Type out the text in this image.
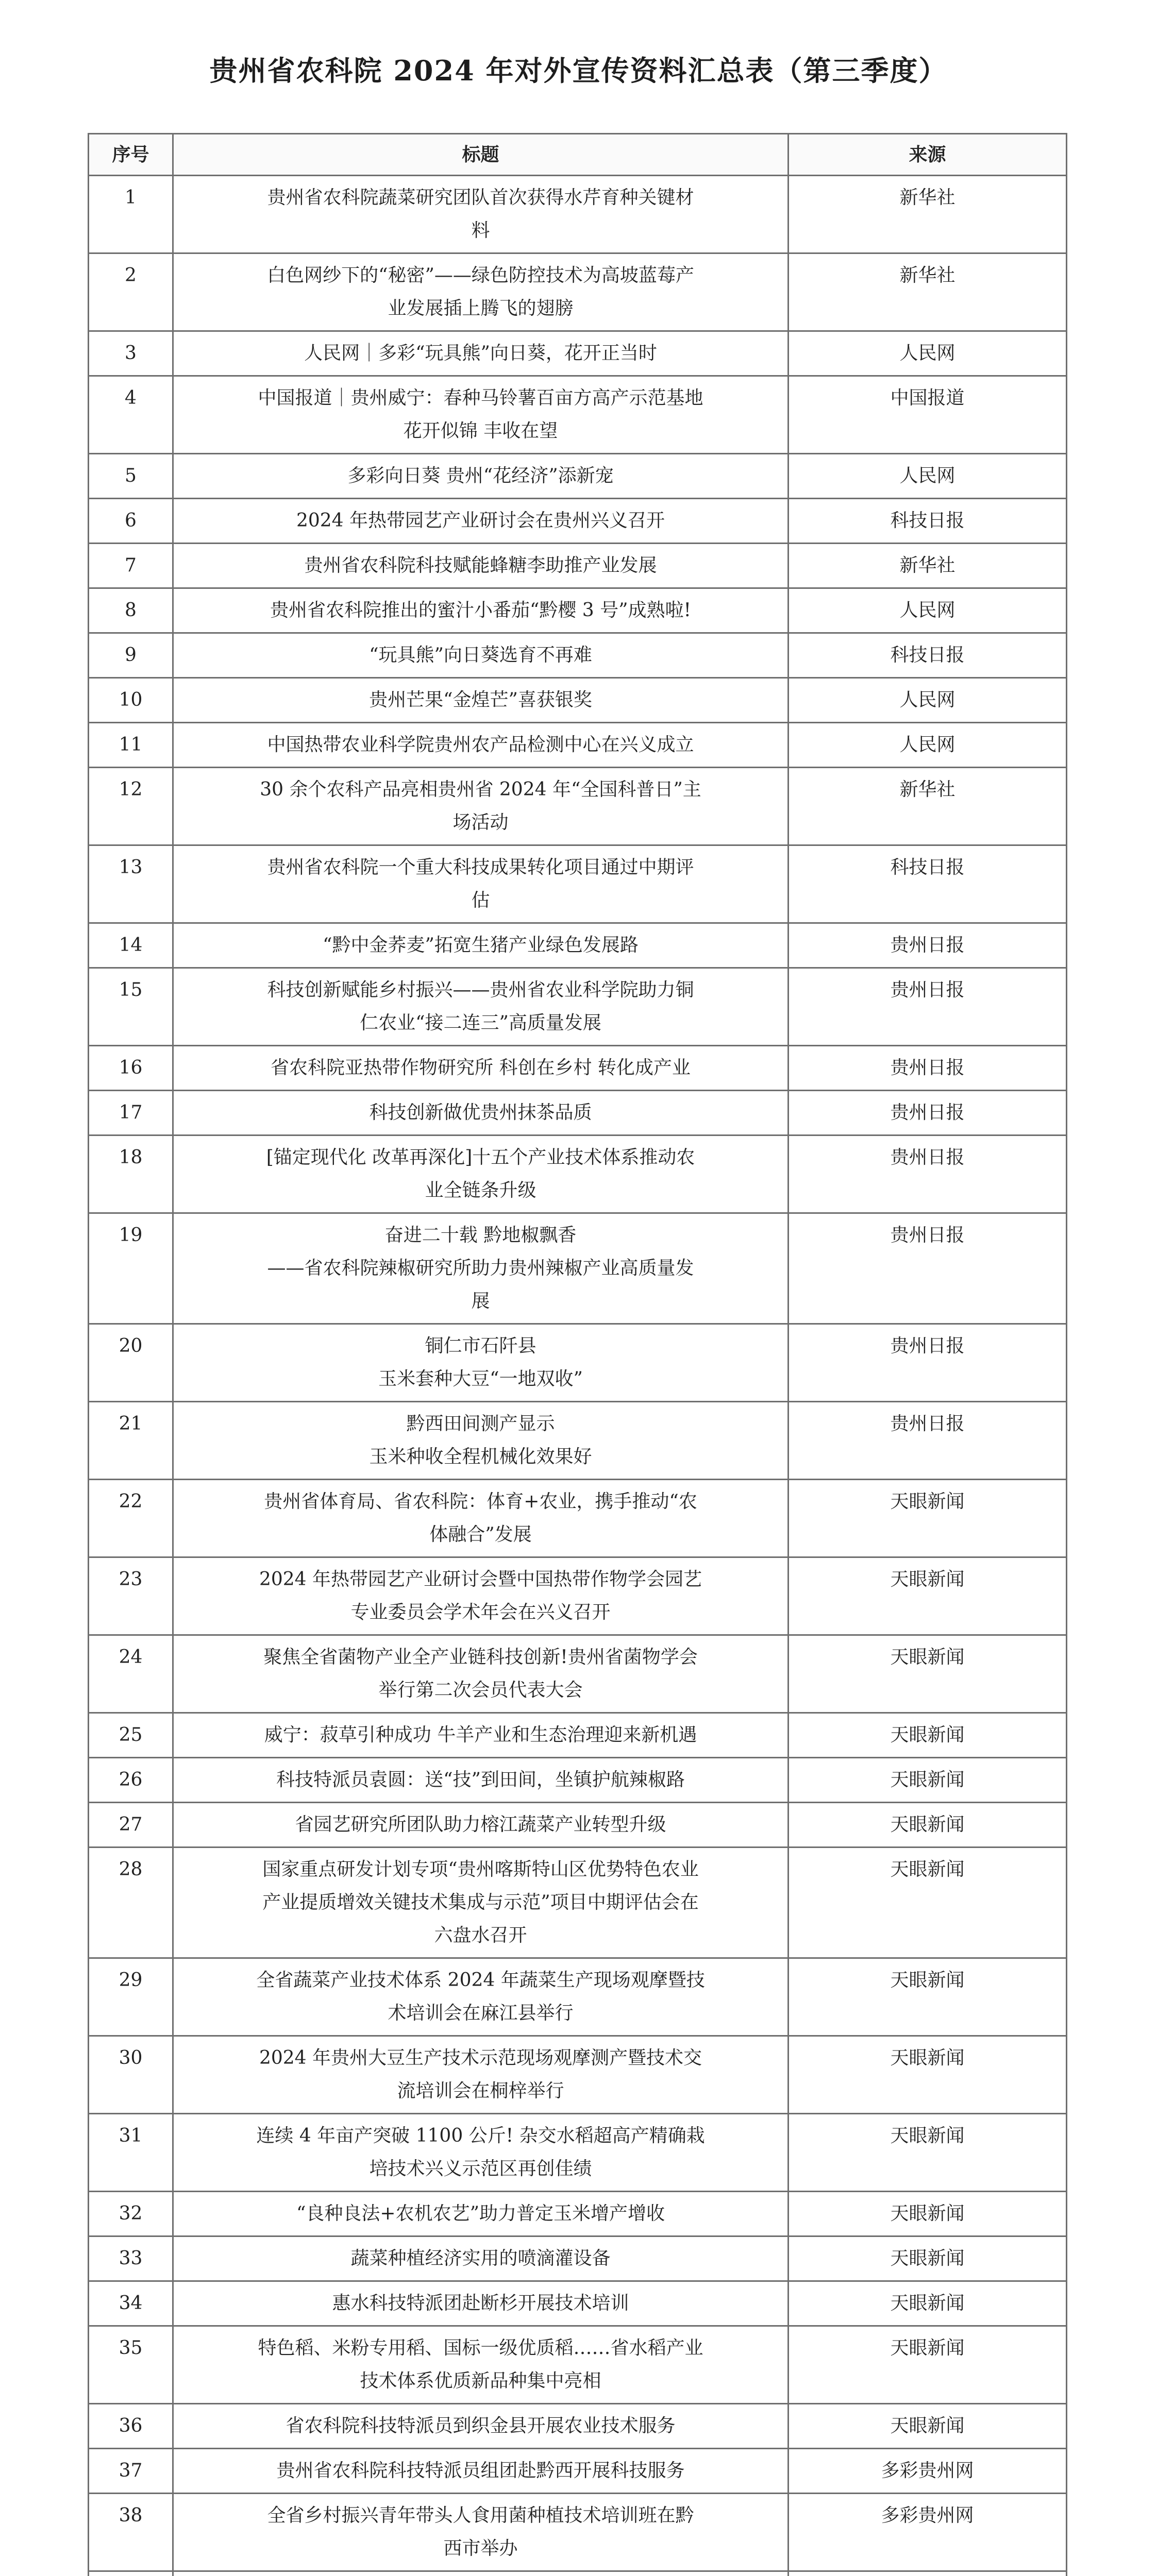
贵州省农科院 2024 年对外宣传资料汇总表（第三季度）
序号	标题	来源
1	贵州省农科院蔬菜研究团队首次获得水芹育种关键材
料	新华社
2	白色网纱下的“秘密”——绿色防控技术为高坡蓝莓产
业发展插上腾飞的翅膀	新华社
3	人民网｜多彩“玩具熊”向日葵，花开正当时	人民网
4	中国报道｜贵州威宁：春种马铃薯百亩方高产示范基地
花开似锦 丰收在望	中国报道
5	多彩向日葵 贵州“花经济”添新宠	人民网
6	2024 年热带园艺产业研讨会在贵州兴义召开	科技日报
7	贵州省农科院科技赋能蜂糖李助推产业发展	新华社
8	贵州省农科院推出的蜜汁小番茄“黔樱 3 号”成熟啦!	人民网
9	“玩具熊”向日葵选育不再难	科技日报
10	贵州芒果“金煌芒”喜获银奖	人民网
11	中国热带农业科学院贵州农产品检测中心在兴义成立	人民网
12	30 余个农科产品亮相贵州省 2024 年“全国科普日”主
场活动	新华社
13	贵州省农科院一个重大科技成果转化项目通过中期评
估	科技日报
14	“黔中金荞麦”拓宽生猪产业绿色发展路	贵州日报
15	科技创新赋能乡村振兴——贵州省农业科学院助力铜
仁农业“接二连三”高质量发展	贵州日报
16	省农科院亚热带作物研究所 科创在乡村 转化成产业	贵州日报
17	科技创新做优贵州抹茶品质	贵州日报
18	[锚定现代化 改革再深化]十五个产业技术体系推动农
业全链条升级	贵州日报
19	奋进二十载 黔地椒飘香
——省农科院辣椒研究所助力贵州辣椒产业高质量发
展	贵州日报
20	铜仁市石阡县
玉米套种大豆“一地双收”	贵州日报
21	黔西田间测产显示
玉米种收全程机械化效果好	贵州日报
22	贵州省体育局、省农科院：体育+农业，携手推动“农
体融合”发展	天眼新闻
23	2024 年热带园艺产业研讨会暨中国热带作物学会园艺
专业委员会学术年会在兴义召开	天眼新闻
24	聚焦全省菌物产业全产业链科技创新!贵州省菌物学会
举行第二次会员代表大会	天眼新闻
25	威宁：菽草引种成功 牛羊产业和生态治理迎来新机遇	天眼新闻
26	科技特派员袁圆：送“技”到田间，坐镇护航辣椒路	天眼新闻
27	省园艺研究所团队助力榕江蔬菜产业转型升级	天眼新闻
28	国家重点研发计划专项“贵州喀斯特山区优势特色农业
产业提质增效关键技术集成与示范”项目中期评估会在
六盘水召开	天眼新闻
29	全省蔬菜产业技术体系 2024 年蔬菜生产现场观摩暨技
术培训会在麻江县举行	天眼新闻
30	2024 年贵州大豆生产技术示范现场观摩测产暨技术交
流培训会在桐梓举行	天眼新闻
31	连续 4 年亩产突破 1100 公斤! 杂交水稻超高产精确栽
培技术兴义示范区再创佳绩	天眼新闻
32	“良种良法+农机农艺”助力普定玉米增产增收	天眼新闻
33	蔬菜种植经济实用的喷滴灌设备	天眼新闻
34	惠水科技特派团赴断杉开展技术培训	天眼新闻
35	特色稻、米粉专用稻、国标一级优质稻……省水稻产业
技术体系优质新品种集中亮相	天眼新闻
36	省农科院科技特派员到织金县开展农业技术服务	天眼新闻
37	贵州省农科院科技特派员组团赴黔西开展科技服务	多彩贵州网
38	全省乡村振兴青年带头人食用菌种植技术培训班在黔
西市举办	多彩贵州网
